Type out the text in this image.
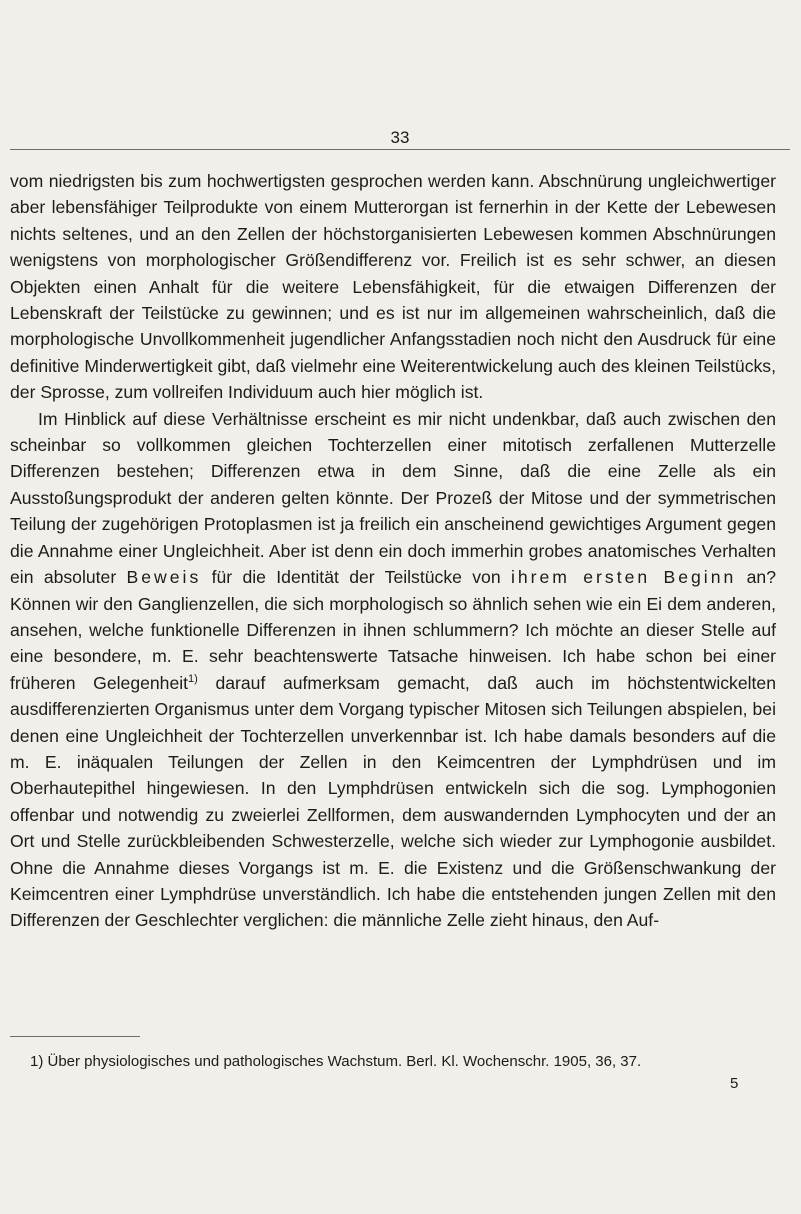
33

vom niedrigsten bis zum hochwertigsten gesprochen werden kann. Abschnürung ungleichwertiger aber lebensfähiger Teilprodukte von einem Mutterorgan ist fernerhin in der Kette der Lebewesen nichts seltenes, und an den Zellen der höchstorganisierten Lebewesen kommen Abschnürungen wenigstens von morphologischer Größendifferenz vor. Freilich ist es sehr schwer, an diesen Objekten einen Anhalt für die weitere Lebensfähigkeit, für die etwaigen Differenzen der Lebenskraft der Teilstücke zu gewinnen; und es ist nur im allgemeinen wahrscheinlich, daß die morphologische Unvollkommenheit jugendlicher Anfangsstadien noch nicht den Ausdruck für eine definitive Minderwertigkeit gibt, daß vielmehr eine Weiterentwickelung auch des kleinen Teilstücks, der Sprosse, zum vollreifen Individuum auch hier möglich ist.

Im Hinblick auf diese Verhältnisse erscheint es mir nicht undenkbar, daß auch zwischen den scheinbar so vollkommen gleichen Tochterzellen einer mitotisch zerfallenen Mutterzelle Differenzen bestehen; Differenzen etwa in dem Sinne, daß die eine Zelle als ein Ausstoßungsprodukt der anderen gelten könnte. Der Prozeß der Mitose und der symmetrischen Teilung der zugehörigen Protoplasmen ist ja freilich ein anscheinend gewichtiges Argument gegen die Annahme einer Ungleichheit. Aber ist denn ein doch immerhin grobes anatomisches Verhalten ein absoluter Beweis für die Identität der Teilstücke von ihrem ersten Beginn an? Können wir den Ganglienzellen, die sich morphologisch so ähnlich sehen wie ein Ei dem anderen, ansehen, welche funktionelle Differenzen in ihnen schlummern? Ich möchte an dieser Stelle auf eine besondere, m. E. sehr beachtenswerte Tatsache hinweisen. Ich habe schon bei einer früheren Gelegenheit$^{1)}$ darauf aufmerksam gemacht, daß auch im höchstentwickelten ausdifferenzierten Organismus unter dem Vorgang typischer Mitosen sich Teilungen abspielen, bei denen eine Ungleichheit der Tochterzellen unverkennbar ist. Ich habe damals besonders auf die m. E. inäqualen Teilungen der Zellen in den Keimcentren der Lymphdrüsen und im Oberhautepithel hingewiesen. In den Lymphdrüsen entwickeln sich die sog. Lymphogonien offenbar und notwendig zu zweierlei Zellformen, dem auswandernden Lymphocyten und der an Ort und Stelle zurückbleibenden Schwesterzelle, welche sich wieder zur Lymphogonie ausbildet. Ohne die Annahme dieses Vorgangs ist m. E. die Existenz und die Größenschwankung der Keimcentren einer Lymphdrüse unverständlich. Ich habe die entstehenden jungen Zellen mit den Differenzen der Geschlechter verglichen: die männliche Zelle zieht hinaus, den Auf-

1) Über physiologisches und pathologisches Wachstum. Berl. Kl. Wochenschr. 1905, 36, 37.
5
